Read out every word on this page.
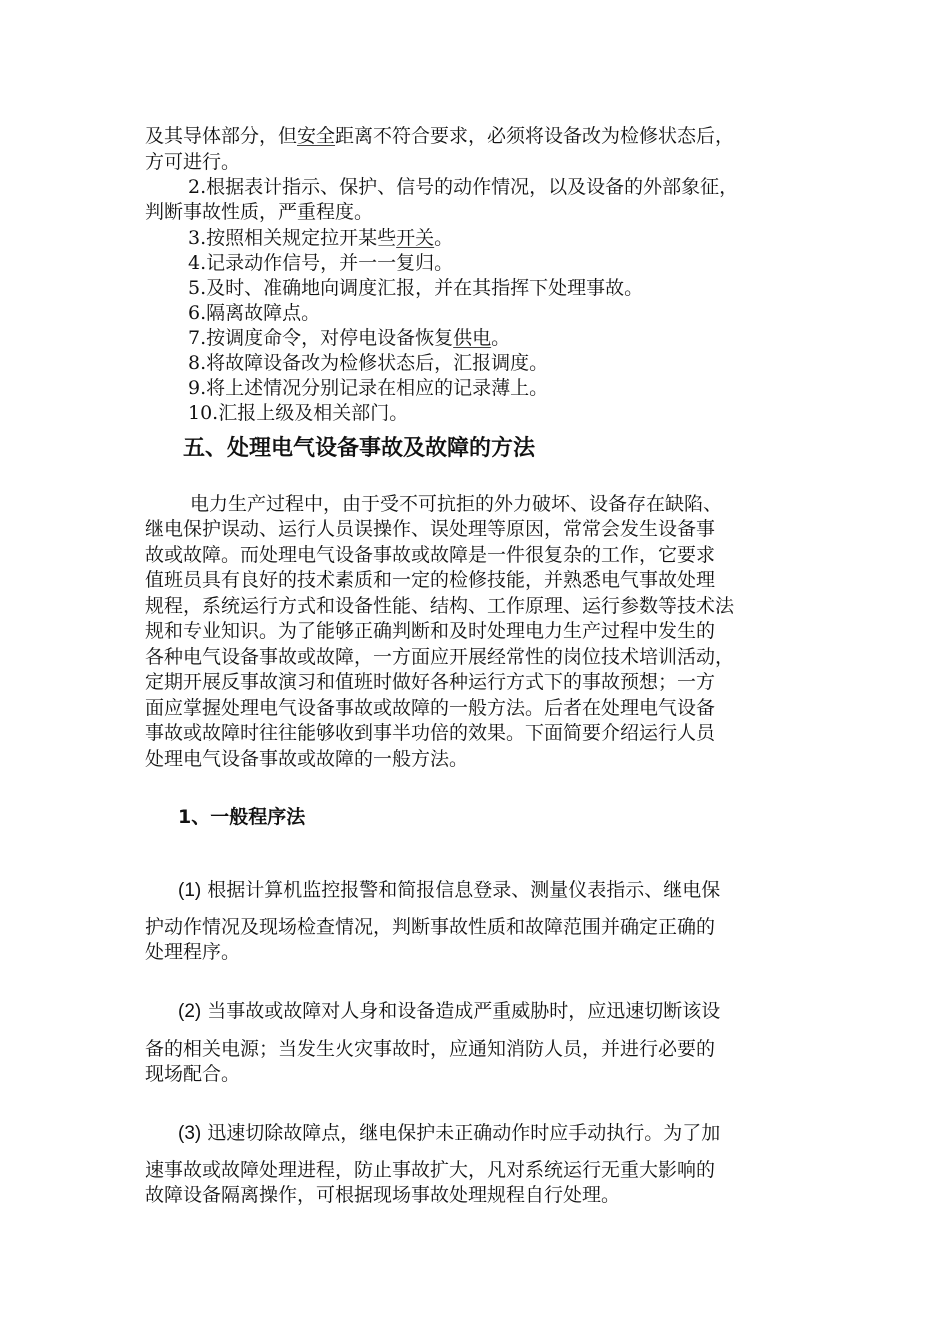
及其导体部分，但安全距离不符合要求，必须将设备改为检修状态后，
方可进行。
2.根据表计指示、保护、信号的动作情况，以及设备的外部象征，
判断事故性质，严重程度。
3.按照相关规定拉开某些开关。
4.记录动作信号，并一一复归。
5.及时、准确地向调度汇报，并在其指挥下处理事故。
6.隔离故障点。
7.按调度命令，对停电设备恢复供电。
8.将故障设备改为检修状态后，汇报调度。
9.将上述情况分别记录在相应的记录薄上。
10.汇报上级及相关部门。
五、处理电气设备事故及故障的方法
电力生产过程中，由于受不可抗拒的外力破坏、设备存在缺陷、
继电保护误动、运行人员误操作、误处理等原因，常常会发生设备事
故或故障。而处理电气设备事故或故障是一件很复杂的工作，它要求
值班员具有良好的技术素质和一定的检修技能，并熟悉电气事故处理
规程，系统运行方式和设备性能、结构、工作原理、运行参数等技术法
规和专业知识。为了能够正确判断和及时处理电力生产过程中发生的
各种电气设备事故或故障，一方面应开展经常性的岗位技术培训活动，
定期开展反事故演习和值班时做好各种运行方式下的事故预想；一方
面应掌握处理电气设备事故或故障的一般方法。后者在处理电气设备
事故或故障时往往能够收到事半功倍的效果。下面简要介绍运行人员
处理电气设备事故或故障的一般方法。
1、一般程序法
(1) 根据计算机监控报警和简报信息登录、测量仪表指示、继电保
护动作情况及现场检查情况，判断事故性质和故障范围并确定正确的
处理程序。
(2) 当事故或故障对人身和设备造成严重威胁时，应迅速切断该设
备的相关电源；当发生火灾事故时，应通知消防人员，并进行必要的
现场配合。
(3) 迅速切除故障点，继电保护未正确动作时应手动执行。为了加
速事故或故障处理进程，防止事故扩大，凡对系统运行无重大影响的
故障设备隔离操作，可根据现场事故处理规程自行处理。
